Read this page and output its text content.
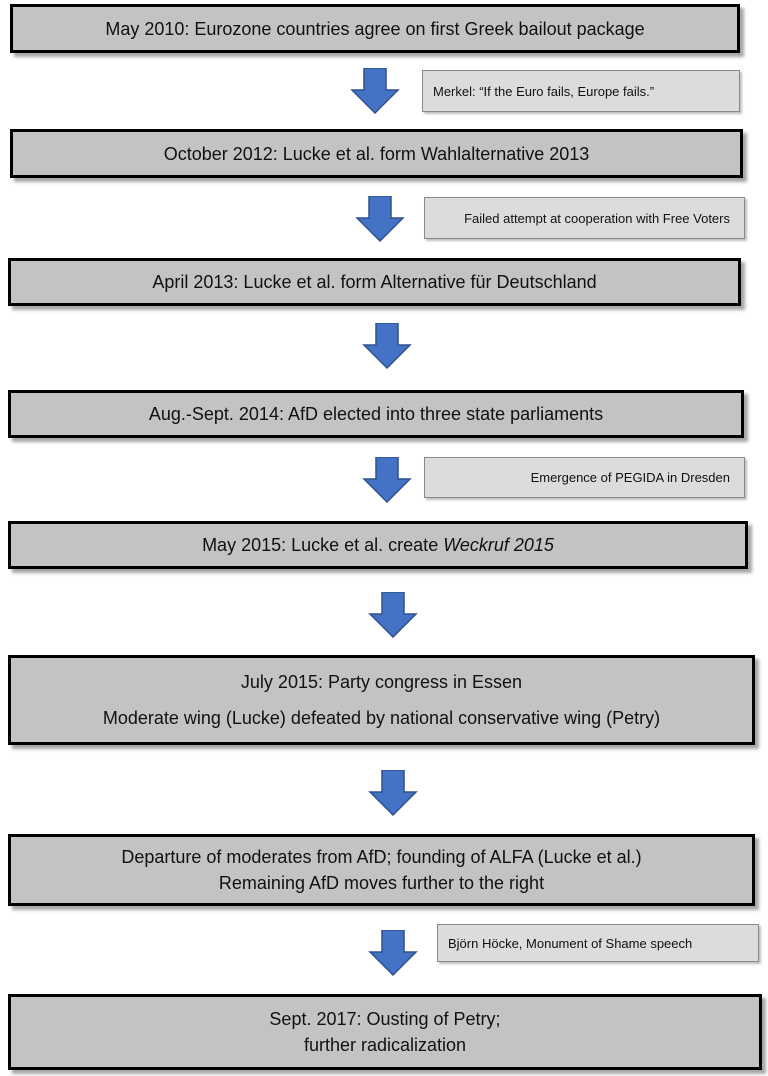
May 2010: Eurozone countries agree on first Greek bailout package
Merkel: “If the Euro fails, Europe fails.”
October 2012: Lucke et al. form Wahlalternative 2013
Failed attempt at cooperation with Free Voters
April 2013: Lucke et al. form Alternative für Deutschland
Aug.-Sept. 2014: AfD elected into three state parliaments
Emergence of PEGIDA in Dresden
May 2015: Lucke et al. create Weckruf 2015
July 2015: Party congress in Essen
Moderate wing (Lucke) defeated by national conservative wing (Petry)
Departure of moderates from AfD; founding of ALFA (Lucke et al.)
Remaining AfD moves further to the right
Björn Höcke, Monument of Shame speech
Sept. 2017: Ousting of Petry;
further radicalization
